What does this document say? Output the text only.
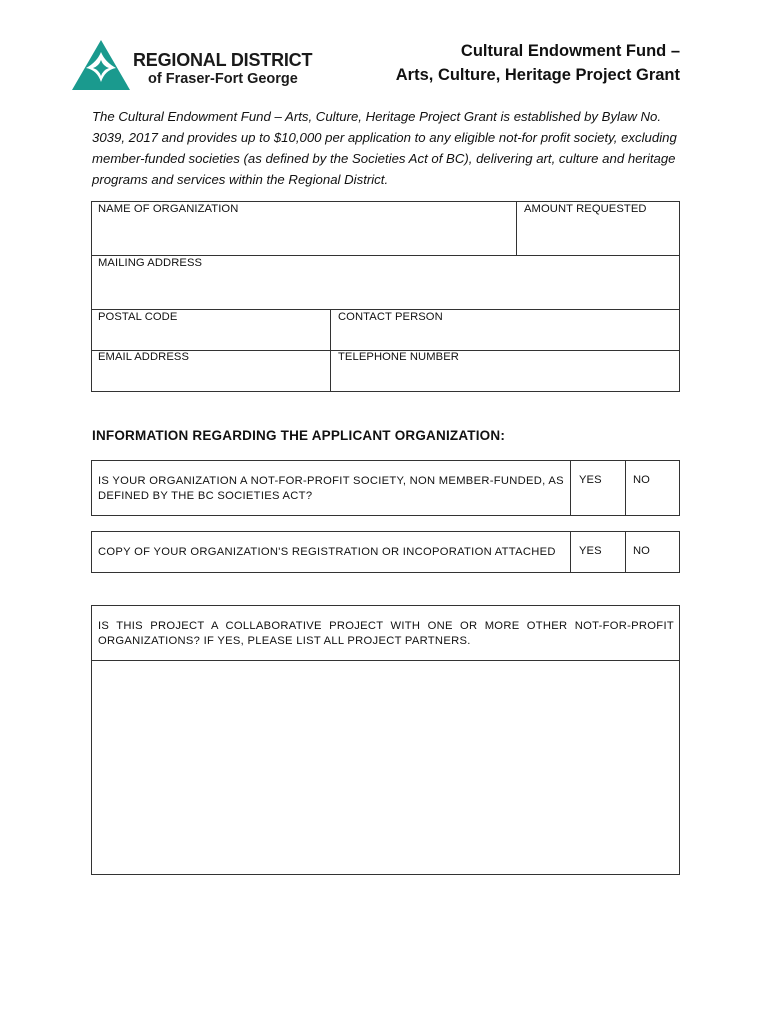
REGIONAL DISTRICT
of Fraser-Fort George
Cultural Endowment Fund –
Arts, Culture, Heritage Project Grant

The Cultural Endowment Fund – Arts, Culture, Heritage Project Grant is established by Bylaw No. 3039, 2017 and provides up to $10,000 per application to any eligible not-for profit society, excluding member-funded societies (as defined by the Societies Act of BC), delivering art, culture and heritage programs and services within the Regional District.

NAME OF ORGANIZATION	AMOUNT REQUESTED
MAILING ADDRESS
POSTAL CODE	CONTACT PERSON
EMAIL ADDRESS	TELEPHONE NUMBER
INFORMATION REGARDING THE APPLICANT ORGANIZATION:
IS YOUR ORGANIZATION A NOT-FOR-PROFIT SOCIETY, NON MEMBER-FUNDED, AS DEFINED BY THE BC SOCIETIES ACT?
YES	NO
COPY OF YOUR ORGANIZATION'S REGISTRATION OR INCOPORATION ATTACHED	YES	NO
IS THIS PROJECT A COLLABORATIVE PROJECT WITH ONE OR MORE OTHER NOT-FOR-PROFIT ORGANIZATIONS? IF YES, PLEASE LIST ALL PROJECT PARTNERS.
